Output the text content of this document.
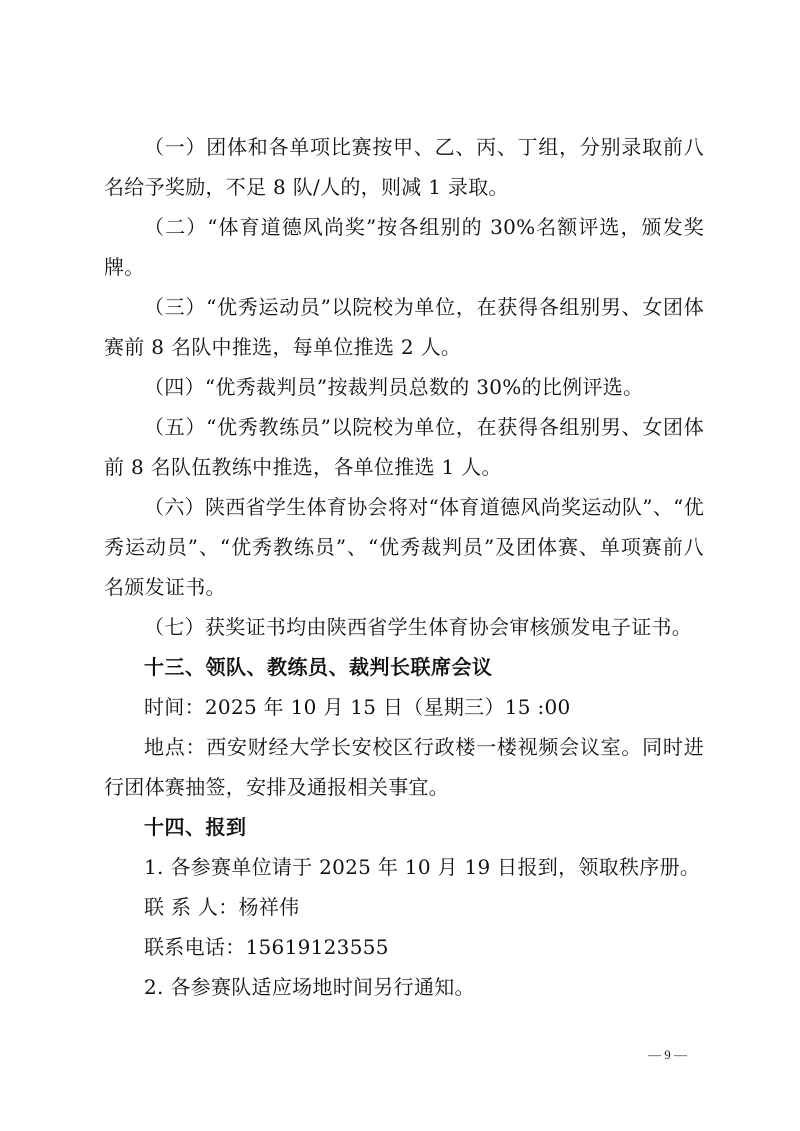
（一）团体和各单项比赛按甲、乙、丙、丁组，分别录取前八名给予奖励，不足 8 队/人的，则减 1 录取。

（二）“体育道德风尚奖”按各组别的 30%名额评选，颁发奖牌。

（三）“优秀运动员”以院校为单位，在获得各组别男、女团体赛前 8 名队中推选，每单位推选 2 人。

（四）“优秀裁判员”按裁判员总数的 30%的比例评选。

（五）“优秀教练员”以院校为单位，在获得各组别男、女团体前 8 名队伍教练中推选，各单位推选 1 人。

（六）陕西省学生体育协会将对“体育道德风尚奖运动队”、“优秀运动员”、“优秀教练员”、“优秀裁判员”及团体赛、单项赛前八名颁发证书。

（七）获奖证书均由陕西省学生体育协会审核颁发电子证书。

十三、领队、教练员、裁判长联席会议

时间：2025 年 10 月 15 日（星期三）15 :00

地点：西安财经大学长安校区行政楼一楼视频会议室。同时进行团体赛抽签，安排及通报相关事宜。

十四、报到

1. 各参赛单位请于 2025 年 10 月 19 日报到，领取秩序册。

联 系 人：杨祥伟

联系电话：15619123555

2. 各参赛队适应场地时间另行通知。

— 9 —
